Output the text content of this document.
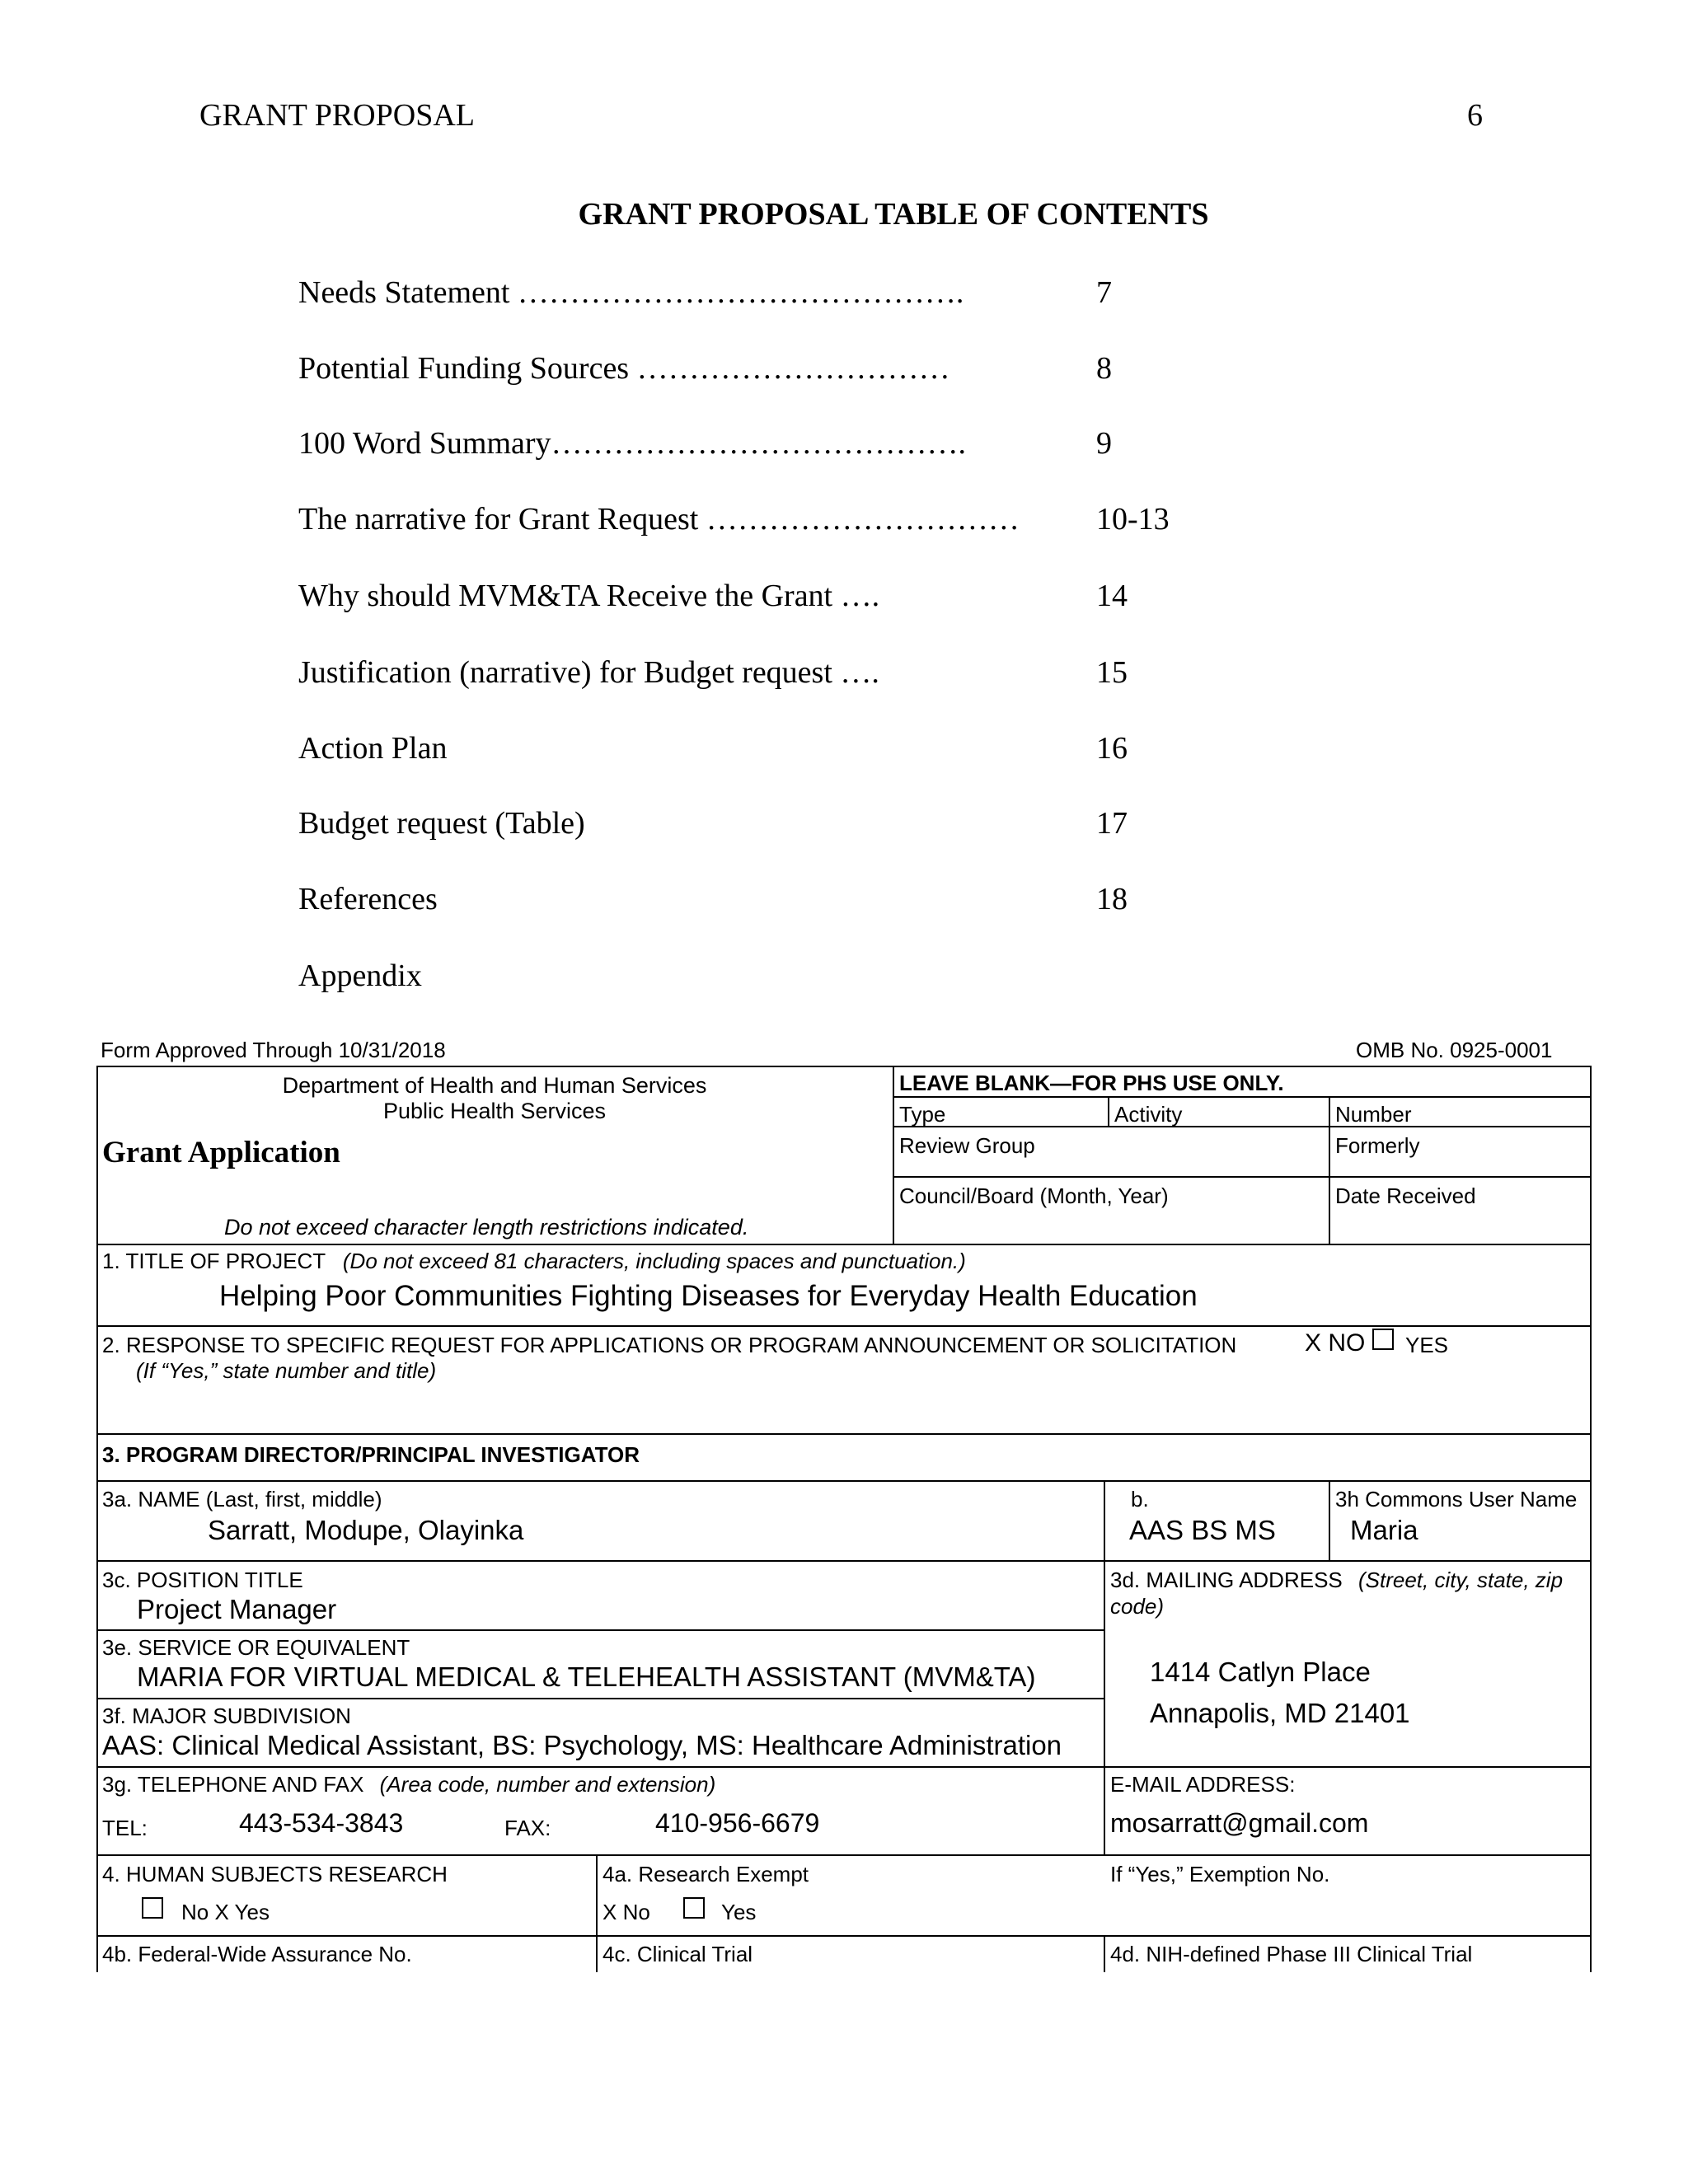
GRANT PROPOSAL	6
GRANT PROPOSAL TABLE OF CONTENTS
Needs Statement …………………………………….	7
Potential Funding Sources …………………………	8
100 Word Summary………………………………….	9
The narrative for Grant Request ………………………… 10-13
Why should MVM&TA Receive the Grant ….	14
Justification (narrative) for Budget request ….	15
Action Plan	16
Budget request (Table)	17
References	18
Appendix
Form Approved Through 10/31/2018	OMB No. 0925-0001
Department of Health and Human Services
Public Health Services
Grant Application
Do not exceed character length restrictions indicated.
LEAVE BLANK—FOR PHS USE ONLY.
Type	Activity	Number
Review Group	Formerly
Council/Board (Month, Year)	Date Received
1. TITLE OF PROJECT (Do not exceed 81 characters, including spaces and punctuation.)
Helping Poor Communities Fighting Diseases for Everyday Health Education
2. RESPONSE TO SPECIFIC REQUEST FOR APPLICATIONS OR PROGRAM ANNOUNCEMENT OR SOLICITATION	X NO YES
(If “Yes,” state number and title)
3. PROGRAM DIRECTOR/PRINCIPAL INVESTIGATOR
3a. NAME (Last, first, middle)
Sarratt, Modupe, Olayinka
b.
AAS BS MS
3h Commons User Name
Maria
3c. POSITION TITLE
Project Manager
3d. MAILING ADDRESS (Street, city, state, zip
code)
1414 Catlyn Place
Annapolis, MD 21401
3e. SERVICE OR EQUIVALENT
MARIA FOR VIRTUAL MEDICAL & TELEHEALTH ASSISTANT (MVM&TA)
3f. MAJOR SUBDIVISION
AAS: Clinical Medical Assistant, BS: Psychology, MS: Healthcare Administration
3g. TELEPHONE AND FAX (Area code, number and extension)
TEL:	443-534-3843	FAX:	410-956-6679
E-MAIL ADDRESS:
mosarratt@gmail.com
4. HUMAN SUBJECTS RESEARCH
No X Yes
4a. Research Exempt
X No	Yes
If “Yes,” Exemption No.
4b. Federal-Wide Assurance No.	4c. Clinical Trial	4d. NIH-defined Phase III Clinical Trial
